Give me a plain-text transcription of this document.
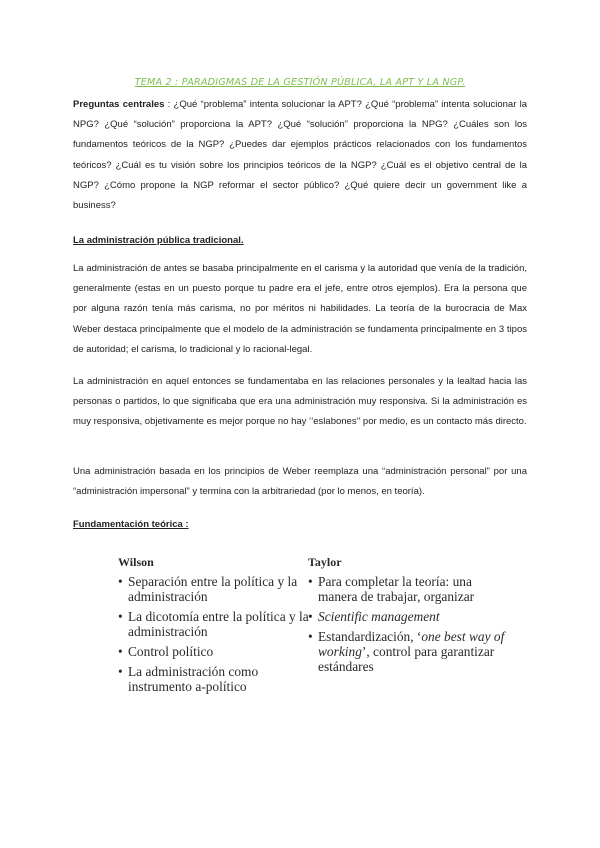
TEMA 2 : PARADIGMAS DE LA GESTIÓN PÚBLICA, LA APT Y LA NGP.
Preguntas centrales : ¿Qué “problema” intenta solucionar la APT? ¿Qué “problema” intenta solucionar la NPG? ¿Qué “solución” proporciona la APT? ¿Qué “solución” proporciona la NPG? ¿Cuáles son los fundamentos teóricos de la NGP? ¿Puedes dar ejemplos prácticos relacionados con los fundamentos teóricos? ¿Cuál es tu visión sobre los principios teóricos de la NGP? ¿Cuál es el objetivo central de la NGP? ¿Cómo propone la NGP reformar el sector público? ¿Qué quiere decir un government like a business?
La administración pública tradicional.
La administración de antes se basaba principalmente en el carisma y la autoridad que venía de la tradición, generalmente (estas en un puesto porque tu padre era el jefe, entre otros ejemplos). Era la persona que por alguna razón tenía más carisma, no por méritos ni habilidades. La teoría de la burocracia de Max Weber destaca principalmente que el modelo de la administración se fundamenta principalmente en 3 tipos de autoridad; el carisma, lo tradicional y lo racional-legal.
La administración en aquel entonces se fundamentaba en las relaciones personales y la lealtad hacia las personas o partidos, lo que significaba que era una administración muy responsiva. Si la administración es muy responsiva, objetivamente es mejor porque no hay ‘’eslabones’’ por medio, es un contacto más directo.
Una administración basada en los principios de Weber reemplaza una “administración personal” por una “administración impersonal” y termina con la arbitrariedad (por lo menos, en teoría).
Fundamentación teórica :
Wilson
• Separación entre la política y la administración
• La dicotomía entre la política y la administración
• Control político
• La administración como instrumento a-político
Taylor
• Para completar la teoría: una manera de trabajar, organizar
• Scientific management
• Estandardización, ‘one best way of working’, control para garantizar estándares
